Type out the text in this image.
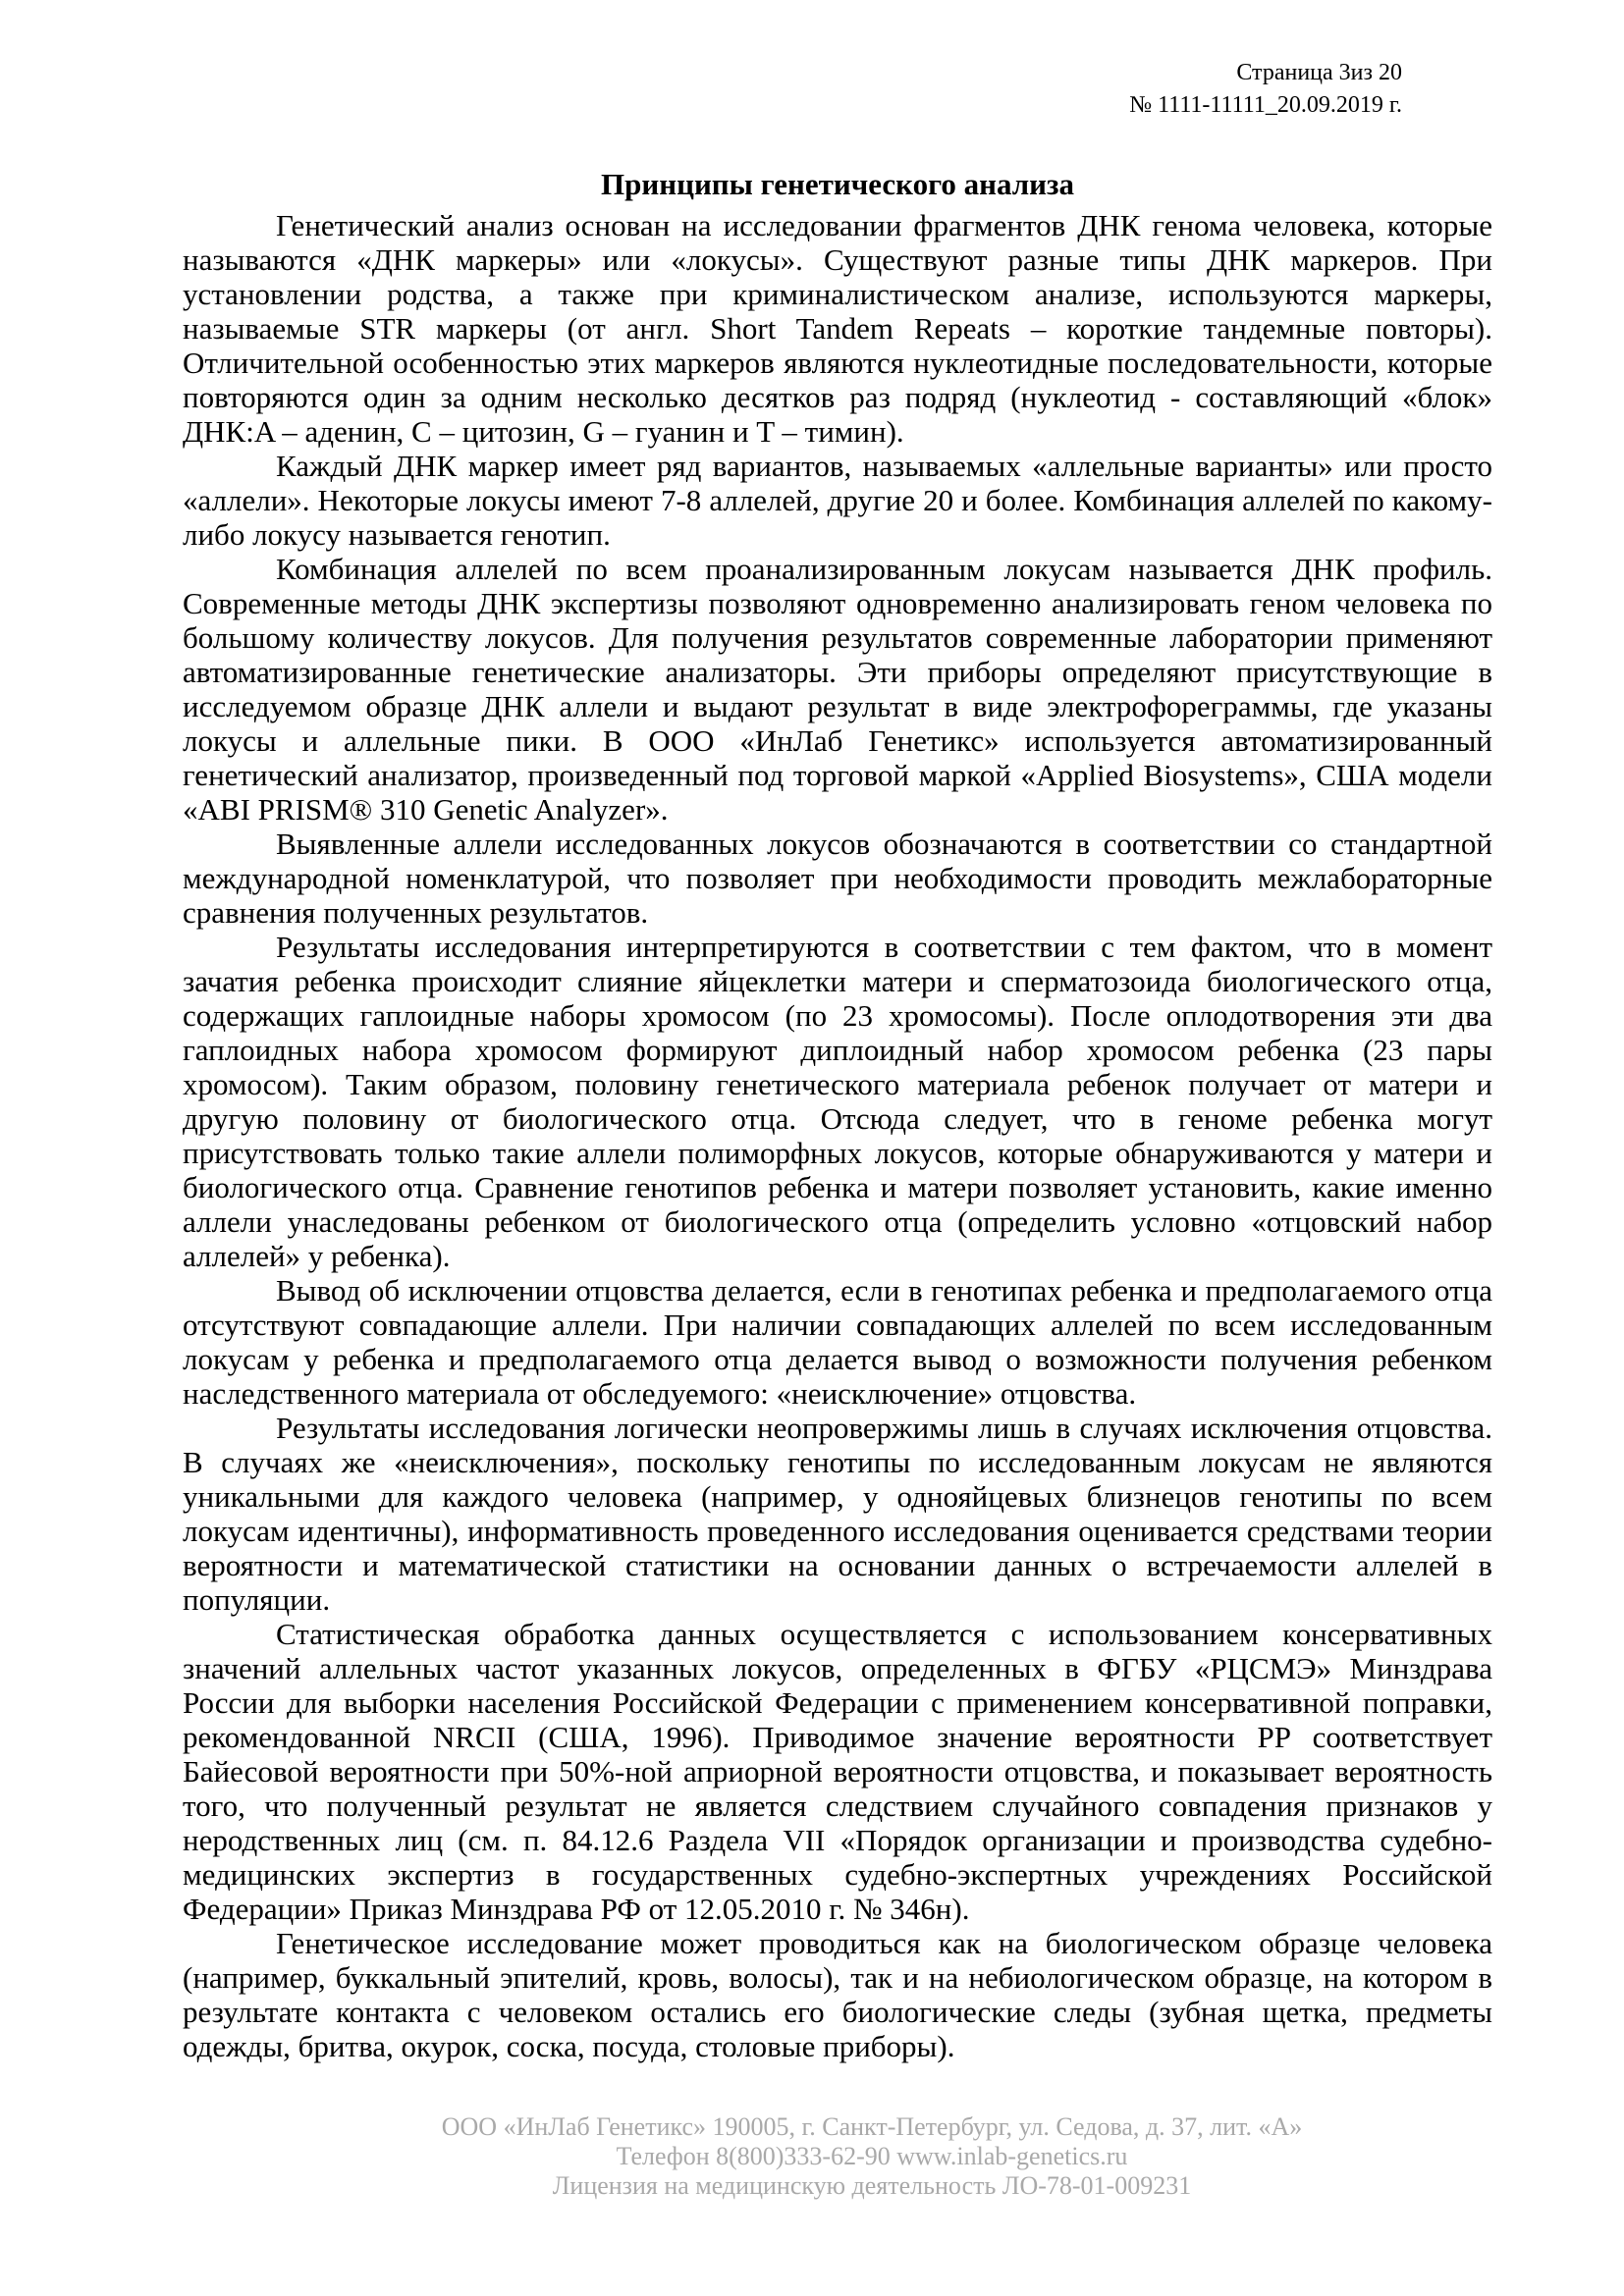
Страница 3из 20
№ 1111-11111_20.09.2019 г.
Принципы генетического анализа

Генетический анализ основан на исследовании фрагментов ДНК генома человека, которые называются «ДНК маркеры» или «локусы». Существуют разные типы ДНК маркеров. При установлении родства, а также при криминалистическом анализе, используются маркеры, называемые STR маркеры (от англ. Short Tandem Repeats – короткие тандемные повторы). Отличительной особенностью этих маркеров являются нуклеотидные последовательности, которые повторяются один за одним несколько десятков раз подряд (нуклеотид - составляющий «блок» ДНК:A – аденин, C – цитозин, G – гуанин и T – тимин).

Каждый ДНК маркер имеет ряд вариантов, называемых «аллельные варианты» или просто «аллели». Некоторые локусы имеют 7-8 аллелей, другие 20 и более. Комбинация аллелей по какому-либо локусу называется генотип.

Комбинация аллелей по всем проанализированным локусам называется ДНК профиль. Современные методы ДНК экспертизы позволяют одновременно анализировать геном человека по большому количеству локусов. Для получения результатов современные лаборатории применяют автоматизированные генетические анализаторы. Эти приборы определяют присутствующие в исследуемом образце ДНК аллели и выдают результат в виде электрофореграммы, где указаны локусы и аллельные пики. В ООО «ИнЛаб Генетикс» используется автоматизированный генетический анализатор, произведенный под торговой маркой «Applied Biosystems», США модели «ABI PRISM® 310 Genetic Analyzer».

Выявленные аллели исследованных локусов обозначаются в соответствии со стандартной международной номенклатурой, что позволяет при необходимости проводить межлабораторные сравнения полученных результатов.

Результаты исследования интерпретируются в соответствии с тем фактом, что в момент зачатия ребенка происходит слияние яйцеклетки матери и сперматозоида биологического отца, содержащих гаплоидные наборы хромосом (по 23 хромосомы). После оплодотворения эти два гаплоидных набора хромосом формируют диплоидный набор хромосом ребенка (23 пары хромосом). Таким образом, половину генетического материала ребенок получает от матери и другую половину от биологического отца. Отсюда следует, что в геноме ребенка могут присутствовать только такие аллели полиморфных локусов, которые обнаруживаются у матери и биологического отца. Сравнение генотипов ребенка и матери позволяет установить, какие именно аллели унаследованы ребенком от биологического отца (определить условно «отцовский набор аллелей» у ребенка).

Вывод об исключении отцовства делается, если в генотипах ребенка и предполагаемого отца отсутствуют совпадающие аллели. При наличии совпадающих аллелей по всем исследованным локусам у ребенка и предполагаемого отца делается вывод о возможности получения ребенком наследственного материала от обследуемого: «неисключение» отцовства.

Результаты исследования логически неопровержимы лишь в случаях исключения отцовства. В случаях же «неисключения», поскольку генотипы по исследованным локусам не являются уникальными для каждого человека (например, у однояйцевых близнецов генотипы по всем локусам идентичны), информативность проведенного исследования оценивается средствами теории вероятности и математической статистики на основании данных о встречаемости аллелей в популяции.

Статистическая обработка данных осуществляется с использованием консервативных значений аллельных частот указанных локусов, определенных в ФГБУ «РЦСМЭ» Минздрава России для выборки населения Российской Федерации с применением консервативной поправки, рекомендованной NRCII (США, 1996). Приводимое значение вероятности PP соответствует Байесовой вероятности при 50%-ной априорной вероятности отцовства, и показывает вероятность того, что полученный результат не является следствием случайного совпадения признаков у неродственных лиц (см. п. 84.12.6 Раздела VII «Порядок организации и производства судебно-медицинских экспертиз в государственных судебно-экспертных учреждениях Российской Федерации» Приказ Минздрава РФ от 12.05.2010 г. № 346н).

Генетическое исследование может проводиться как на биологическом образце человека (например, буккальный эпителий, кровь, волосы), так и на небиологическом образце, на котором в результате контакта с человеком остались его биологические следы (зубная щетка, предметы одежды, бритва, окурок, соска, посуда, столовые приборы).

ООО «ИнЛаб Генетикс» 190005, г. Санкт-Петербург, ул. Седова, д. 37, лит. «А»
Телефон 8(800)333-62-90 www.inlab-genetics.ru
Лицензия на медицинскую деятельность ЛО-78-01-009231
